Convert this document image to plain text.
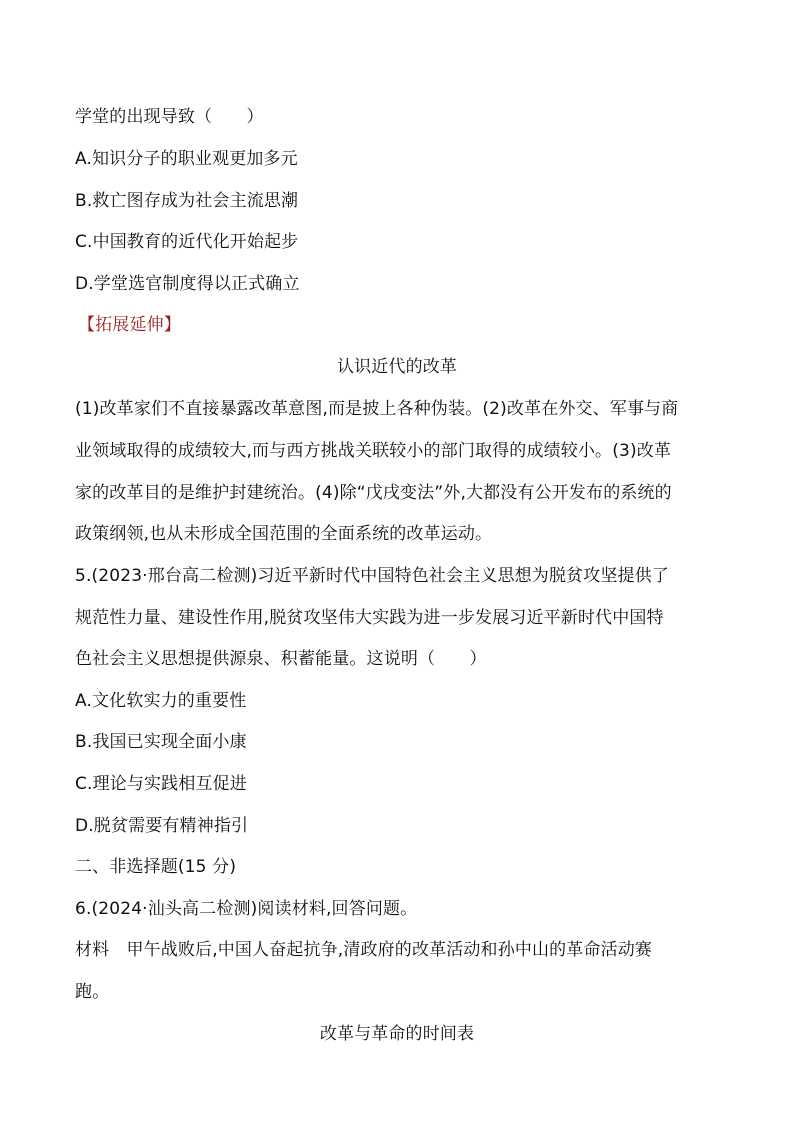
学堂的出现导致（　　）
A.知识分子的职业观更加多元
B.救亡图存成为社会主流思潮
C.中国教育的近代化开始起步
D.学堂选官制度得以正式确立
【拓展延伸】
认识近代的改革
(1)改革家们不直接暴露改革意图,而是披上各种伪装。(2)改革在外交、军事与商
业领域取得的成绩较大,而与西方挑战关联较小的部门取得的成绩较小。(3)改革
家的改革目的是维护封建统治。(4)除“戊戌变法”外,大都没有公开发布的系统的
政策纲领,也从未形成全国范围的全面系统的改革运动。
5.(2023·邢台高二检测)习近平新时代中国特色社会主义思想为脱贫攻坚提供了
规范性力量、建设性作用,脱贫攻坚伟大实践为进一步发展习近平新时代中国特
色社会主义思想提供源泉、积蓄能量。这说明（　　）
A.文化软实力的重要性
B.我国已实现全面小康
C.理论与实践相互促进
D.脱贫需要有精神指引
二、非选择题(15 分)
6.(2024·汕头高二检测)阅读材料,回答问题。
材料　甲午战败后,中国人奋起抗争,清政府的改革活动和孙中山的革命活动赛
跑。
改革与革命的时间表
